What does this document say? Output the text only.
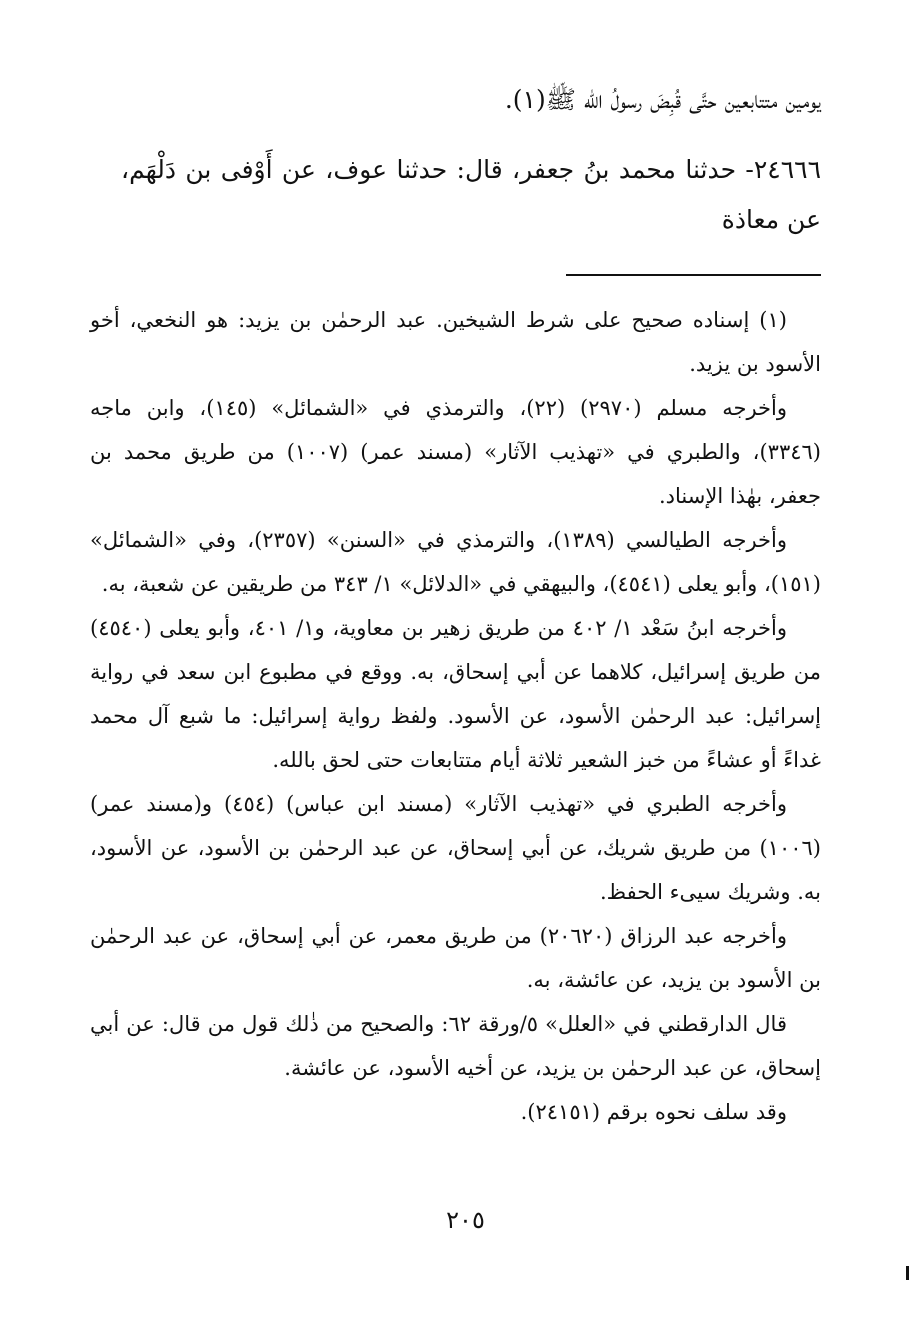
يومين متتابعين حتَّى قُبِضَ رسولُ الله ﷺ(١).

٢٤٦٦٦- حدثنا محمد بنُ جعفر، قال: حدثنا عوف، عن أَوْفى بن دَلْهَم، عن معاذة

(١) إسناده صحيح على شرط الشيخين. عبد الرحمٰن بن يزيد: هو النخعي، أخو الأسود بن يزيد.

وأخرجه مسلم (٢٩٧٠) (٢٢)، والترمذي في «الشمائل» (١٤٥)، وابن ماجه (٣٣٤٦)، والطبري في «تهذيب الآثار» (مسند عمر) (١٠٠٧) من طريق محمد بن جعفر، بهٰذا الإسناد.

وأخرجه الطيالسي (١٣٨٩)، والترمذي في «السنن» (٢٣٥٧)، وفي «الشمائل» (١٥١)، وأبو يعلى (٤٥٤١)، والبيهقي في «الدلائل» ١/ ٣٤٣ من طريقين عن شعبة، به.

وأخرجه ابنُ سَعْد ١/ ٤٠٢ من طريق زهير بن معاوية، و١/ ٤٠١، وأبو يعلى (٤٥٤٠) من طريق إسرائيل، كلاهما عن أبي إسحاق، به. ووقع في مطبوع ابن سعد في رواية إسرائيل: عبد الرحمٰن الأسود، عن الأسود. ولفظ رواية إسرائيل: ما شبع آل محمد غداءً أو عشاءً من خبز الشعير ثلاثة أيام متتابعات حتى لحق بالله.

وأخرجه الطبري في «تهذيب الآثار» (مسند ابن عباس) (٤٥٤) و(مسند عمر) (١٠٠٦) من طريق شريك، عن أبي إسحاق، عن عبد الرحمٰن بن الأسود، عن الأسود، به. وشريك سيىء الحفظ.

وأخرجه عبد الرزاق (٢٠٦٢٠) من طريق معمر، عن أبي إسحاق، عن عبد الرحمٰن بن الأسود بن يزيد، عن عائشة، به.

قال الدارقطني في «العلل» ٥/ورقة ٦٢: والصحيح من ذٰلك قول من قال: عن أبي إسحاق، عن عبد الرحمٰن بن يزيد، عن أخيه الأسود، عن عائشة.

وقد سلف نحوه برقم (٢٤١٥١).

٢٠٥
